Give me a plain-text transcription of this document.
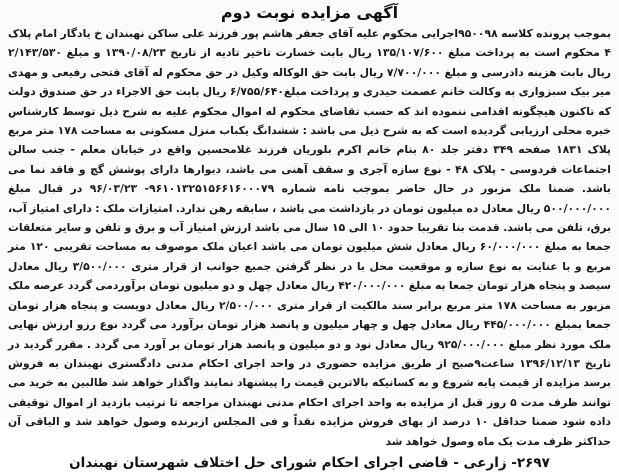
آگهی مزایده نوبت دوم

بموجب پرونده کلاسه ۹۵۰۰۹۸اجرایی محکوم علیه آقای جعفر هاشم پور فرزند علی ساکن نهبندان خ یادگار امام پلاک ۴ محکوم است به پرداخت مبلغ ۱۳۵/۱۰۷/۶۰۰ ریال بابت خسارت تاخیر تادیه از تاریخ ۱۳۹۰/۰۸/۲۳ و مبلغ ۲/۱۴۳/۵۳۰ ریال بابت هزینه دادرسی و مبلغ ۷/۷۰۰/۰۰۰ ریال بابت حق الوکاله وکیل در حق محکوم له آقای فتحی رفیعی و مهدی میر بیک سبزواری به وکالت خانم عصمت حیدری و پرداخت مبلغ۶/۷۵۵/۶۴۰ ریال بابت حق الاجراء در حق صندوق دولت که تاکنون هیچگونه اقدامی ننموده اند که حسب تقاضای محکوم له اموال محکوم علیه به شرح ذیل توسط کارشناس خبره محلی ارزیابی گردیده است که به شرح ذیل می باشد : ششدانگ یکباب منزل مسکونی به مساحت ۱۷۸ متر مربع پلاک ۱۸۳۱ صفحه ۳۴۹ دفتر جلد ۸۰ بنام خانم اکرم بلوریان فرزند غلامحسین واقع در خیابان معلم - جنب سالن اجتماعات فردوسی - پلاک ۴۸ - نوع سازه آجری و سقف آهنی می باشد، دیوارها دارای پوشش گچ و فاقد نما می باشد. ضمنا ملک مزبور در حال حاضر بموجب نامه شماره ۹۶۱۰۱۳۲۵۱۵۶۶۱۶۰۰۰۷۹- ۹۶/۰۳/۲۳ در قبال مبلغ ۵۰۰/۰۰۰/۰۰۰ ریال معادل ده میلیون تومان در بازداشت می باشد ، سابقه رهن ندارد. امتیازات ملک : دارای امتیاز آب، برق، تلفن می باشد. قدمت بنا تقریبا حدود ۱۰ الی ۱۵ سال می باشد ارزش امتیاز آب و برق و تلفن و سایر متعلقات جمعا به مبلغ ۶۰/۰۰۰/۰۰۰ ریال معادل شش میلیون تومان می باشد اعیان ملک موصوف به مساحت تقریبی ۱۲۰ متر مربع و با عنایت به نوع سازه و موقعیت محل با در نظر گرفتن جمیع جوانب از قرار متری ۳/۵۰۰/۰۰۰ ریال معادل سیصد و پنجاه هزار تومان جمعا به مبلغ ۴۲۰/۰۰۰/۰۰۰ ریال معادل چهل و دو میلیون تومان برآوردمی گردد عرصه ملک مزبور به مساحت ۱۷۸ متر مربع برابر سند مالکیت از قرار متری ۲/۵۰۰/۰۰۰ ریال معادل دویست و پنجاه هزار تومان جمعا بمبلغ ۴۴۵/۰۰۰/۰۰۰ ریال معادل چهل و چهار میلیون و پانصد هزار تومان برآورد می گردد نوع رزو ارزش نهایی ملک مورد نظر مبلغ ۹۲۵/۰۰۰/۰۰۰ ریال معادل نود و دو میلیون و پانصد هزار تومان بر آورد می گردد . مقرر گردید در تاریخ ۱۳۹۶/۱۲/۱۳ ساعت۹صبح از طریق مزایده حضوری در واحد اجرای احکام مدنی دادگستری نهبندان به فروش برسد مزایده از قیمت پایه شروع و به کسانیکه بالاترین قیمت را پیشنهاد نمایند واگذار خواهد شد طالبین به خرید می توانند ظرف مدت ۵ روز قبل از مزایده به واحد اجرای احکام مدنی نهبندان مراجعه تا ترتیب بازدید از اموال توقیفی داده شود ضمنا حداقل ۱۰ درصد از بهای فروش مزایده نقداً و فی المجلس ازبرنده وصول خواهد شد و الباقی آن حداکثر ظرف مدت یک ماه وصول خواهد شد

۲۶۹۷- زارعی - قاضی اجرای احکام شورای حل اختلاف شهرستان نهبندان
